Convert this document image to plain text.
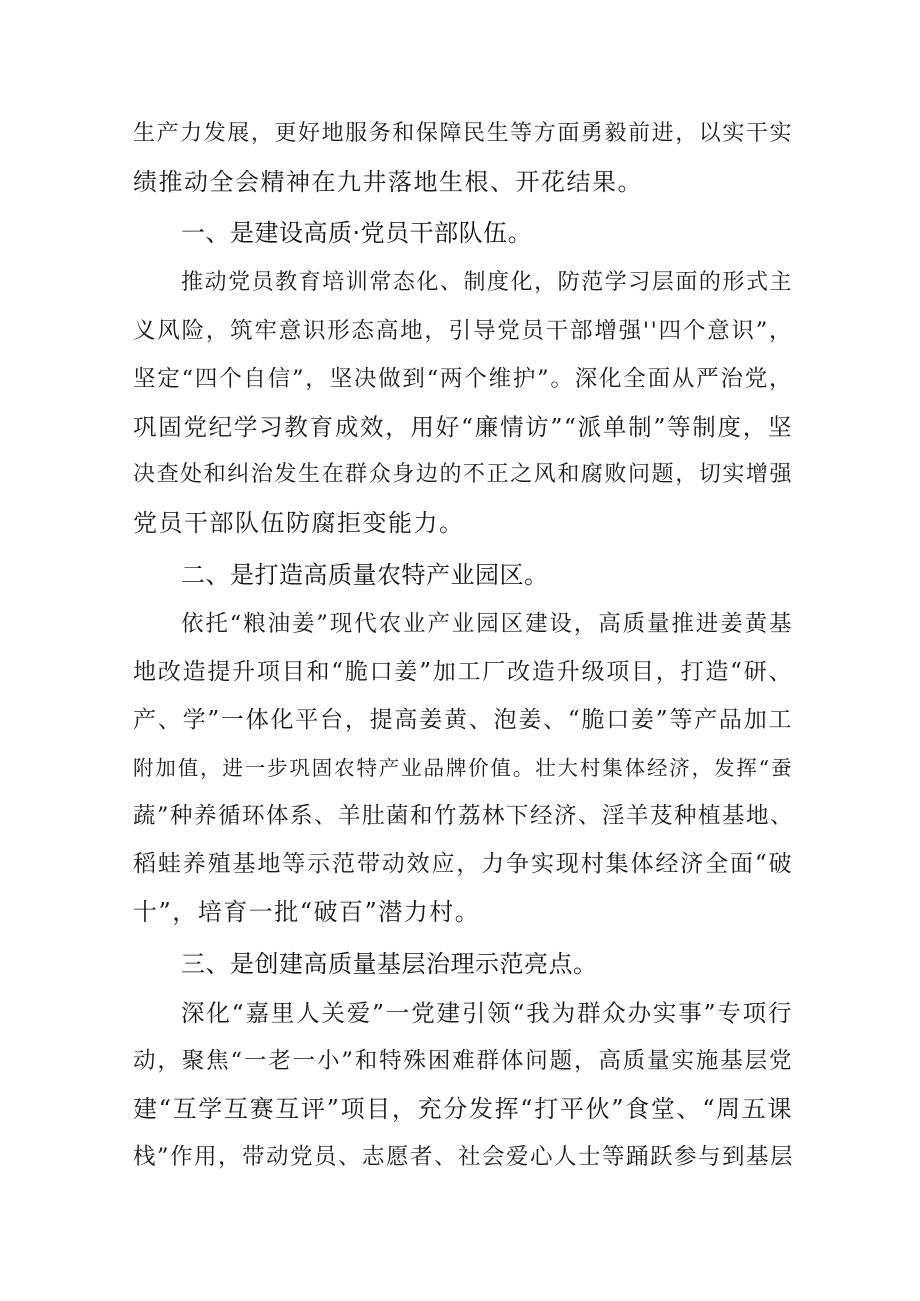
生产力发展，更好地服务和保障民生等方面勇毅前进，以实干实
绩推动全会精神在九井落地生根、开花结果。
一、是建设高质·党员干部队伍。
推动党员教育培训常态化、制度化，防范学习层面的形式主
义风险，筑牢意识形态高地，引导党员干部增强''四个意识”，
坚定“四个自信”，坚决做到“两个维护”。深化全面从严治党，
巩固党纪学习教育成效，用好“廉情访”“派单制”等制度，坚
决查处和纠治发生在群众身边的不正之风和腐败问题，切实增强
党员干部队伍防腐拒变能力。
二、是打造高质量农特产业园区。
依托“粮油姜”现代农业产业园区建设，高质量推进姜黄基
地改造提升项目和“脆口姜”加工厂改造升级项目，打造“研、
产、学”一体化平台，提高姜黄、泡姜、“脆口姜”等产品加工
附加值，进一步巩固农特产业品牌价值。壮大村集体经济，发挥“蚕
蔬”种养循环体系、羊肚菌和竹荔林下经济、淫羊芨种植基地、
稻蛙养殖基地等示范带动效应，力争实现村集体经济全面“破
十”，培育一批“破百”潜力村。
三、是创建高质量基层治理示范亮点。
深化“嘉里人关爱”一党建引领“我为群众办实事”专项行
动，聚焦“一老一小”和特殊困难群体问题，高质量实施基层党
建“互学互赛互评”项目，充分发挥“打平伙”食堂、“周五课
栈”作用，带动党员、志愿者、社会爱心人士等踊跃参与到基层
